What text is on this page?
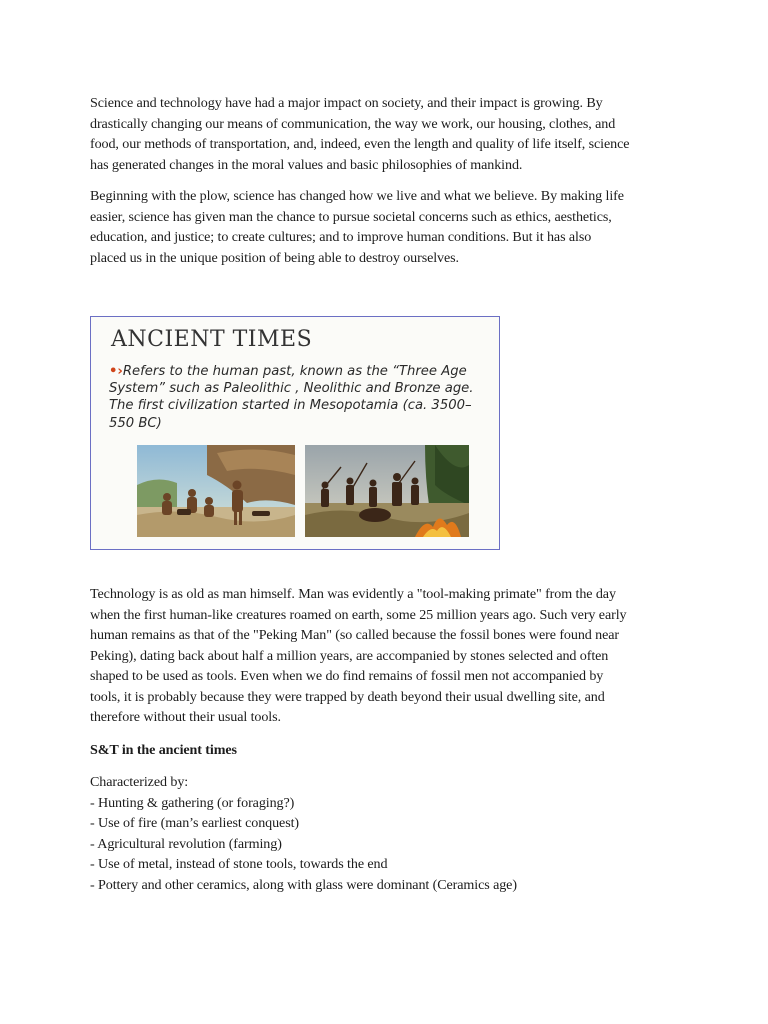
Science and technology have had a major impact on society, and their impact is growing. By
drastically changing our means of communication, the way we work, our housing, clothes, and
food, our methods of transportation, and, indeed, even the length and quality of life itself, science
has generated changes in the moral values and basic philosophies of mankind.
Beginning with the plow, science has changed how we live and what we believe. By making life
easier, science has given man the chance to pursue societal concerns such as ethics, aesthetics,
education, and justice; to create cultures; and to improve human conditions. But it has also
placed us in the unique position of being able to destroy ourselves.
ANCIENT TIMES
•›Refers to the human past, known as the “Three Age System” such as Paleolithic , Neolithic and Bronze age. The first civilization started in Mesopotamia (ca. 3500–550 BC)
Technology is as old as man himself. Man was evidently a "tool-making primate" from the day
when the first human-like creatures roamed on earth, some 25 million years ago. Such very early
human remains as that of the "Peking Man" (so called because the fossil bones were found near
Peking), dating back about half a million years, are accompanied by stones selected and often
shaped to be used as tools. Even when we do find remains of fossil men not accompanied by
tools, it is probably because they were trapped by death beyond their usual dwelling site, and
therefore without their usual tools.
S&T in the ancient times
Characterized by:
- Hunting & gathering (or foraging?)
- Use of fire (man’s earliest conquest)
- Agricultural revolution (farming)
- Use of metal, instead of stone tools, towards the end
- Pottery and other ceramics, along with glass were dominant (Ceramics age)
